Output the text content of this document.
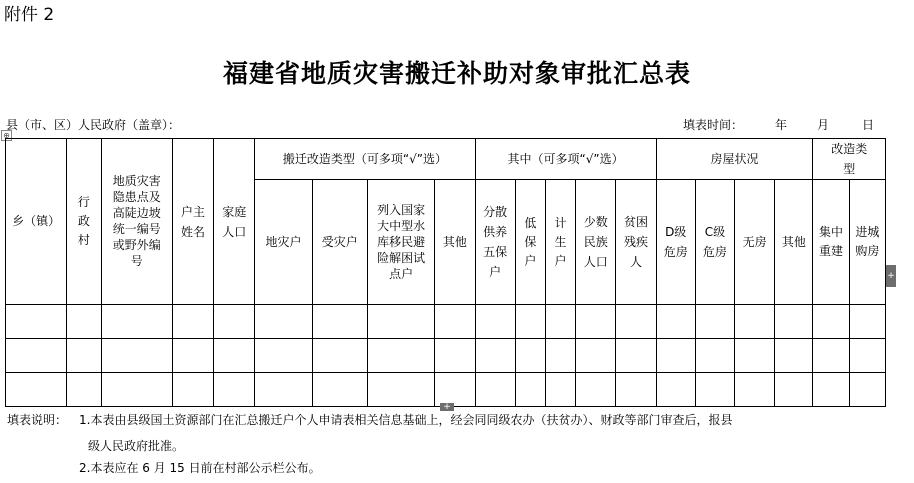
附件 2
福建省地质灾害搬迁补助对象审批汇总表
县（市、区）人民政府（盖章）：	填表时间：	年 月	日
⊕
乡（镇）	行政村	地质灾害隐患点及高陡边坡统一编号或野外编号	户主姓名	家庭人口	搬迁改造类型（可多项“√”选）				其中（可多项“√”选）					房屋状况				改造类型	
					地灾户	受灾户	列入国家大中型水库移民避险解困试点户	其他	分散供养五保户	低保户	计生户	少数民族人口	贫困残疾人	D级危房	C级危房	无房	其他	集中重建	进城购房

+
+
填表说明： 1.本表由县级国土资源部门在汇总搬迁户个人申请表相关信息基础上，经会同同级农办（扶贫办）、财政等部门审查后，报县
级人民政府批准。
2.本表应在 6 月 15 日前在村部公示栏公布。
